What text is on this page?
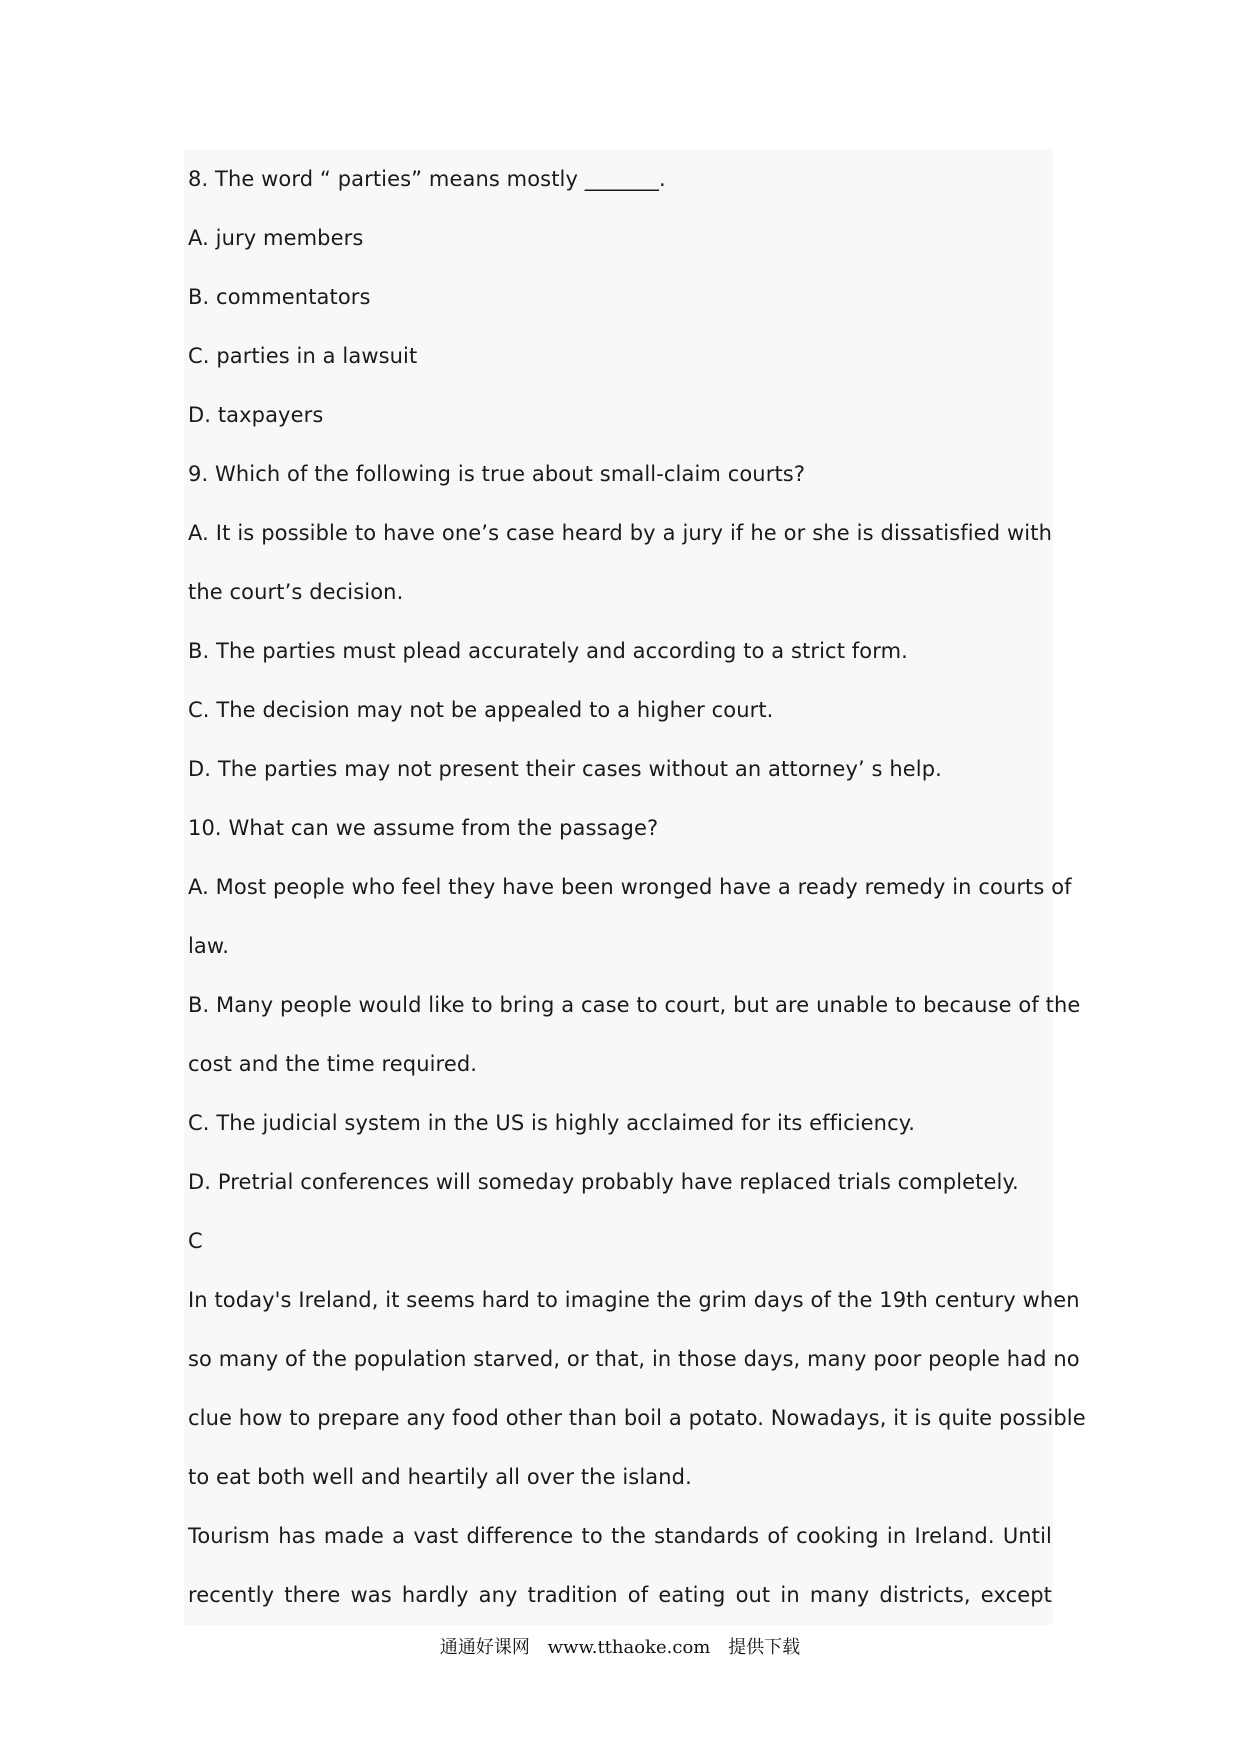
8. The word “ parties” means mostly _______.
A. jury members
B. commentators
C. parties in a lawsuit
D. taxpayers
9. Which of the following is true about small-claim courts?
A. It is possible to have one’s case heard by a jury if he or she is dissatisfied with
the court’s decision.
B. The parties must plead accurately and according to a strict form.
C. The decision may not be appealed to a higher court.
D. The parties may not present their cases without an attorney’ s help.
10. What can we assume from the passage?
A. Most people who feel they have been wronged have a ready remedy in courts of
law.
B. Many people would like to bring a case to court, but are unable to because of the
cost and the time required.
C. The judicial system in the US is highly acclaimed for its efficiency.
D. Pretrial conferences will someday probably have replaced trials completely.
C
In today's Ireland, it seems hard to imagine the grim days of the 19th century when
so many of the population starved, or that, in those days, many poor people had no
clue how to prepare any food other than boil a potato. Nowadays, it is quite possible
to eat both well and heartily all over the island.
Tourism has made a vast difference to the standards of cooking in Ireland. Until
recently there was hardly any tradition of eating out in many districts, except
通通好课网 www.tthaoke.com 提供下载
